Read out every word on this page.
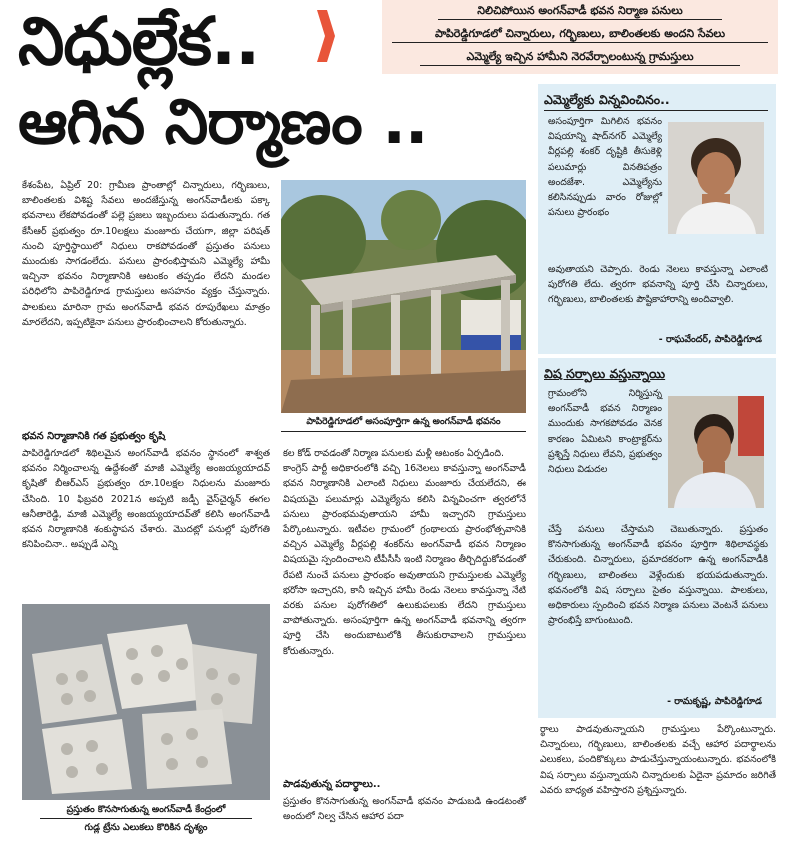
నిధుల్లేక..
ఆగిన నిర్మాణం ..
నిలిచిపోయిన అంగన్‌వాడీ భవన నిర్మాణ పనులు
పాపిరెడ్డిగూడలో చిన్నారులు, గర్భిణులు, బాలింతలకు అందని సేవలు
ఎమ్మెల్యే ఇచ్చిన హామీని నెరవేర్చాలంటున్న గ్రామస్తులు

కేశంపేట, ఏప్రిల్ 20: గ్రామీణ ప్రాంతాల్లో చిన్నారులు, గర్భిణులు, బాలింతలకు విశిష్ట సేవలు అందజేస్తున్న అంగన్‌వాడీలకు పక్కా భవనాలు లేకపోవడంతో పల్లె ప్రజలు ఇబ్బందులు పడుతున్నారు. గత కేసీఆర్ ప్రభుత్వం రూ.10లక్షలు మంజూరు చేయగా, జిల్లా పరిషత్ నుంచి పూర్తిస్థాయిలో నిధులు రాకపోవడంతో ప్రస్తుతం పనులు ముందుకు సాగడంలేదు. పనులు ప్రారంభిస్తామని ఎమ్మెల్యే హామీ ఇచ్చినా భవనం నిర్మాణానికి ఆటంకం తప్పడం లేదని మండల పరిధిలోని పాపిరెడ్డిగూడ గ్రామస్తులు అసహనం వ్యక్తం చేస్తున్నారు. పాలకులు మారినా గ్రామ అంగన్‌వాడీ భవన రూపురేఖలు మాత్రం మారలేదని, ఇప్పటికైనా పనులు ప్రారంభించాలని కోరుతున్నారు.

భవన నిర్మాణానికి గత ప్రభుత్వం కృషి

పాపిరెడ్డిగూడలో శిథిలమైన అంగన్‌వాడీ భవనం స్థానంలో శాశ్వత భవనం నిర్మించాలన్న ఉద్దేశంతో మాజీ ఎమ్మెల్యే అంజయ్యయాదవ్ కృషితో బీఆర్ఎస్ ప్రభుత్వం రూ.10లక్షల నిధులను మంజూరు చేసింది. 10 ఫిబ్రవరి 2021న అప్పటి జడ్పీ వైస్‌చైర్మన్ ఈగల ఆనీతారెడ్డి, మాజీ ఎమ్మెల్యే అంజయ్యయాదవ్‌తో కలిసి అంగన్‌వాడీ భవన నిర్మాణానికి శంకుస్థాపన చేశారు. మొదట్లో పనుల్లో పురోగతి కనిపించినా.. అప్పుడే ఎన్ని

పాపిరెడ్డిగూడలో అసంపూర్తిగా ఉన్న అంగన్‌వాడీ భవనం
ప్రస్తుతం కొనసాగుతున్న అంగన్‌వాడీ కేంద్రంలో
గుడ్ల ట్రేను ఎలుకలు కొరికిన దృశ్యం

కల కోడ్ రావడంతో నిర్మాణ పనులకు మళ్లీ ఆటంకం ఏర్పడింది.
కాంగ్రెస్ పార్టీ అధికారంలోకి వచ్చి 16నెలలు కావస్తున్నా అంగన్‌వాడీ భవన నిర్మాణానికి ఎలాంటి నిధులు మంజూరు చేయలేదని, ఈ విషయమై పలుమార్లు ఎమ్మెల్యేను కలిసి విన్నవించగా త్వరలోనే పనులు ప్రారంభమవుతాయని హామీ ఇచ్చారని గ్రామస్తులు పేర్కొంటున్నారు. ఇటీవల గ్రామంలో గ్రంథాలయ ప్రారంభోత్సవానికి వచ్చిన ఎమ్మెల్యే వీర్లపల్లి శంకర్‌ను అంగన్‌వాడీ భవన నిర్మాణం విషయమై స్పందించాలని టీపీసీసీ ఇంటి నిర్మాణం తీర్చిదిద్దుకోవడంతో రేపటి నుంచే పనులు ప్రారంభం అవుతాయని గ్రామస్తులకు ఎమ్మెల్యే భరోసా ఇచ్చారని, కానీ ఇచ్చిన హామీ రెండు నెలలు కావస్తున్నా నేటి వరకు పనుల పురోగతిలో ఉలుకుపలుకు లేదని గ్రామస్తులు వాపోతున్నారు. అసంపూర్తిగా ఉన్న అంగన్‌వాడీ భవనాన్ని త్వరగా పూర్తి చేసి అందుబాటులోకి తీసుకురావాలని గ్రామస్తులు కోరుతున్నారు.

పాడవుతున్న పదార్థాలు..

ప్రస్తుతం కొనసాగుతున్న అంగన్‌వాడీ భవనం పాడుబడి ఉండటంతో అందులో నిల్వ చేసిన ఆహార పదా

ఎమ్మెల్యేకు విన్నవించినం..

అసంపూర్తిగా మిగిలిన భవనం విషయాన్ని షాద్‌నగర్ ఎమ్మెల్యే వీర్లపల్లి శంకర్ దృష్టికి తీసుకెళ్లి పలుమార్లు వినతిపత్రం అందజేశా. ఎమ్మెల్యేను కలిసినప్పుడు వారం రోజుల్లో పనులు ప్రారంభం

అవుతాయని చెప్పారు. రెండు నెలలు కావస్తున్నా ఎలాంటి పురోగతి లేదు. త్వరగా భవనాన్ని పూర్తి చేసి చిన్నారులు, గర్భిణులు, బాలింతలకు పౌష్టికాహారాన్ని అందివ్వాలి.

- రాఘవేందర్, పాపిరెడ్డిగూడ
విష సర్పాలు వస్తున్నాయి

గ్రామంలోని నిర్మిస్తున్న అంగన్‌వాడీ భవన నిర్మాణం ముందుకు సాగకపోవడం వెనక కారణం ఏమిటని కాంట్రాక్టర్‌ను ప్రశ్నిస్తే నిధులు లేవని, ప్రభుత్వం నిధులు విడుదల

చేస్తే పనులు చేస్తామని చెబుతున్నారు. ప్రస్తుతం కొనసాగుతున్న అంగన్‌వాడీ భవనం పూర్తిగా శిథిలావస్థకు చేరుకుంది. చిన్నారులు, ప్రమాదకరంగా ఉన్న అంగన్‌వాడీకి గర్భిణులు, బాలింతలు వెళ్లేందుకు భయపడుతున్నారు. భవనంలోకి విష సర్పాలు సైతం వస్తున్నాయి. పాలకులు, అధికారులు స్పందించి భవన నిర్మాణ పనులు వెంటనే పనులు ప్రారంభిస్తే బాగుంటుంది.

- రామకృష్ణ, పాపిరెడ్డిగూడ

ర్థాలు పాడవుతున్నాయని గ్రామస్తులు పేర్కొంటున్నారు. చిన్నారులు, గర్భిణులు, బాలింతలకు వచ్చే ఆహార పదార్థాలను ఎలుకలు, పందికొక్కులు పాడుచేస్తున్నాయంటున్నారు. భవనంలోకి విష సర్పాలు వస్తున్నాయని చిన్నారులకు ఏదైనా ప్రమాదం జరిగితే ఎవరు బాధ్యత వహిస్తారని ప్రశ్నిస్తున్నారు.
